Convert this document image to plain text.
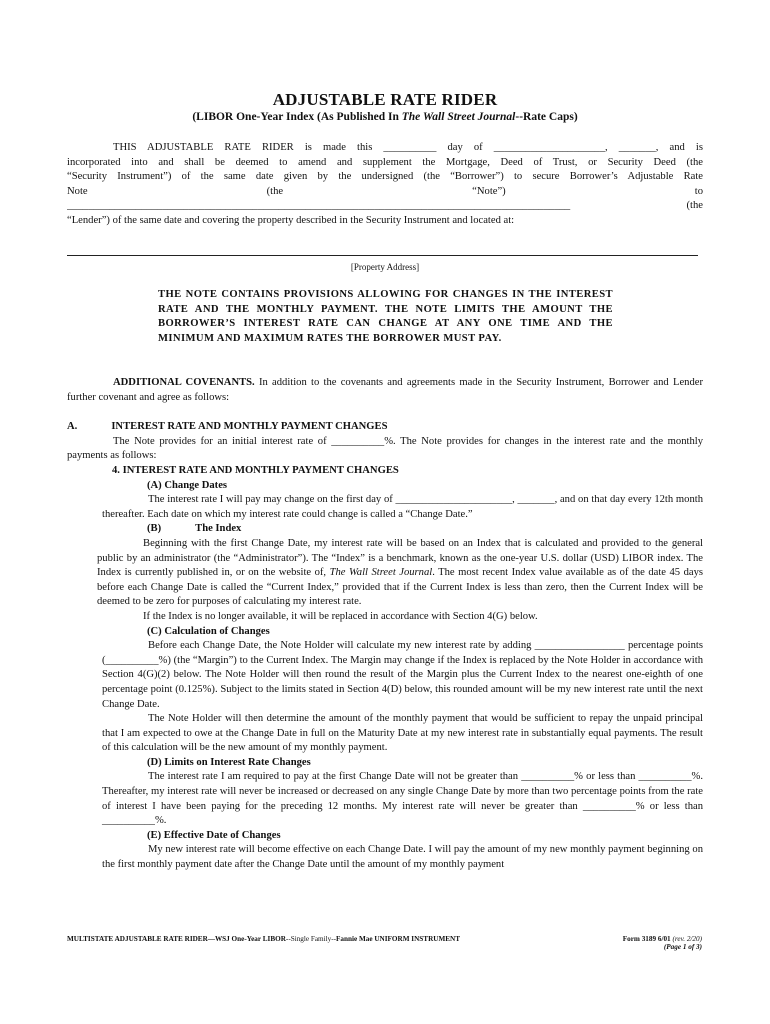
ADJUSTABLE RATE RIDER
(LIBOR One-Year Index (As Published In The Wall Street Journal--Rate Caps)

THIS ADJUSTABLE RATE RIDER is made this __________ day of _____________________, _______, and is

incorporated into and shall be deemed to amend and supplement the Mortgage, Deed of Trust, or Security Deed (the

“Security Instrument”) of the same date given by the undersigned (the “Borrower”) to secure Borrower’s Adjustable Rate

Note	(the	“Note”)	to
_______________________________________________________________________________________________	(the

“Lender”) of the same date and covering the property described in the Security Instrument and located at:

[Property Address]
THE NOTE CONTAINS PROVISIONS ALLOWING FOR CHANGES IN THE INTEREST RATE AND THE MONTHLY PAYMENT. THE NOTE LIMITS THE AMOUNT THE BORROWER’S INTEREST RATE CAN CHANGE AT ANY ONE TIME AND THE MINIMUM AND MAXIMUM RATES THE BORROWER MUST PAY.

ADDITIONAL COVENANTS. In addition to the covenants and agreements made in the Security Instrument, Borrower and Lender further covenant and agree as follows:

A.	INTEREST RATE AND MONTHLY PAYMENT CHANGES

The Note provides for an initial interest rate of __________%. The Note provides for changes in the interest rate and the monthly payments as follows:

4. INTEREST RATE AND MONTHLY PAYMENT CHANGES
(A) Change Dates

The interest rate I will pay may change on the first day of ______________________, _______, and on that day every 12th month thereafter. Each date on which my interest rate could change is called a “Change Date.”

(B)	The Index

Beginning with the first Change Date, my interest rate will be based on an Index that is calculated and provided to the general public by an administrator (the “Administrator”). The “Index” is a benchmark, known as the one-year U.S. dollar (USD) LIBOR index. The Index is currently published in, or on the website of, The Wall Street Journal. The most recent Index value available as of the date 45 days before each Change Date is called the “Current Index,” provided that if the Current Index is less than zero, then the Current Index will be deemed to be zero for purposes of calculating my interest rate.

If the Index is no longer available, it will be replaced in accordance with Section 4(G) below.

(C) Calculation of Changes

Before each Change Date, the Note Holder will calculate my new interest rate by adding _________________ percentage points (__________%) (the “Margin”) to the Current Index. The Margin may change if the Index is replaced by the Note Holder in accordance with Section 4(G)(2) below. The Note Holder will then round the result of the Margin plus the Current Index to the nearest one-eighth of one percentage point (0.125%). Subject to the limits stated in Section 4(D) below, this rounded amount will be my new interest rate until the next Change Date.

The Note Holder will then determine the amount of the monthly payment that would be sufficient to repay the unpaid principal that I am expected to owe at the Change Date in full on the Maturity Date at my new interest rate in substantially equal payments. The result of this calculation will be the new amount of my monthly payment.

(D) Limits on Interest Rate Changes

The interest rate I am required to pay at the first Change Date will not be greater than __________% or less than __________%. Thereafter, my interest rate will never be increased or decreased on any single Change Date by more than two percentage points from the rate of interest I have been paying for the preceding 12 months. My interest rate will never be greater than __________% or less than __________%.

(E) Effective Date of Changes

My new interest rate will become effective on each Change Date. I will pay the amount of my new monthly payment beginning on the first monthly payment date after the Change Date until the amount of my monthly payment

MULTISTATE ADJUSTABLE RATE RIDER—WSJ One-Year LIBOR--Single Family--Fannie Mae UNIFORM INSTRUMENT	Form 3189 6/01 (rev. 2/20)
(Page 1 of 3)
